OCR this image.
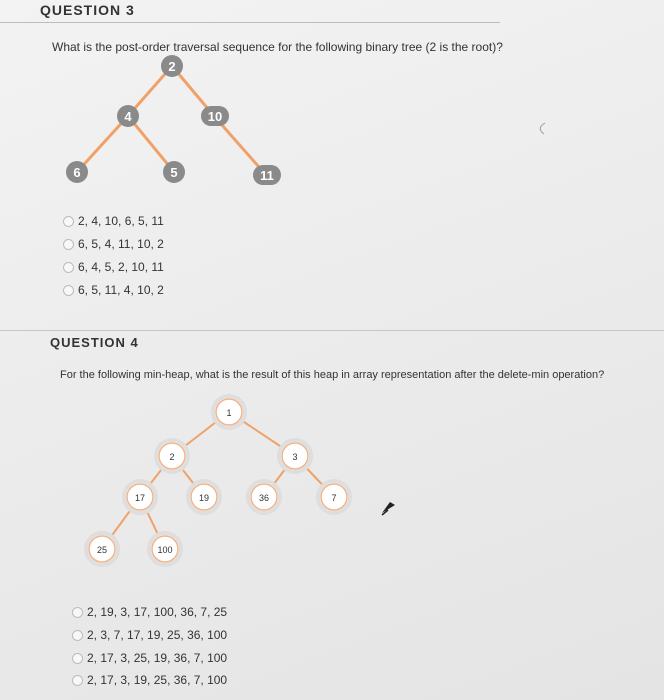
QUESTION 3
What is the post-order traversal sequence for the following binary tree (2 is the root)?
2
4	10
6	5	11
2, 4, 10, 6, 5, 11
6, 5, 4, 11, 10, 2
6, 4, 5, 2, 10, 11
6, 5, 11, 4, 10, 2
QUESTION 4
For the following min-heap, what is the result of this heap in array representation after the delete-min operation?
1
2	3
17	19	36	7
25	100
2, 19, 3, 17, 100, 36, 7, 25
2, 3, 7, 17, 19, 25, 36, 100
2, 17, 3, 25, 19, 36, 7, 100
2, 17, 3, 19, 25, 36, 7, 100
